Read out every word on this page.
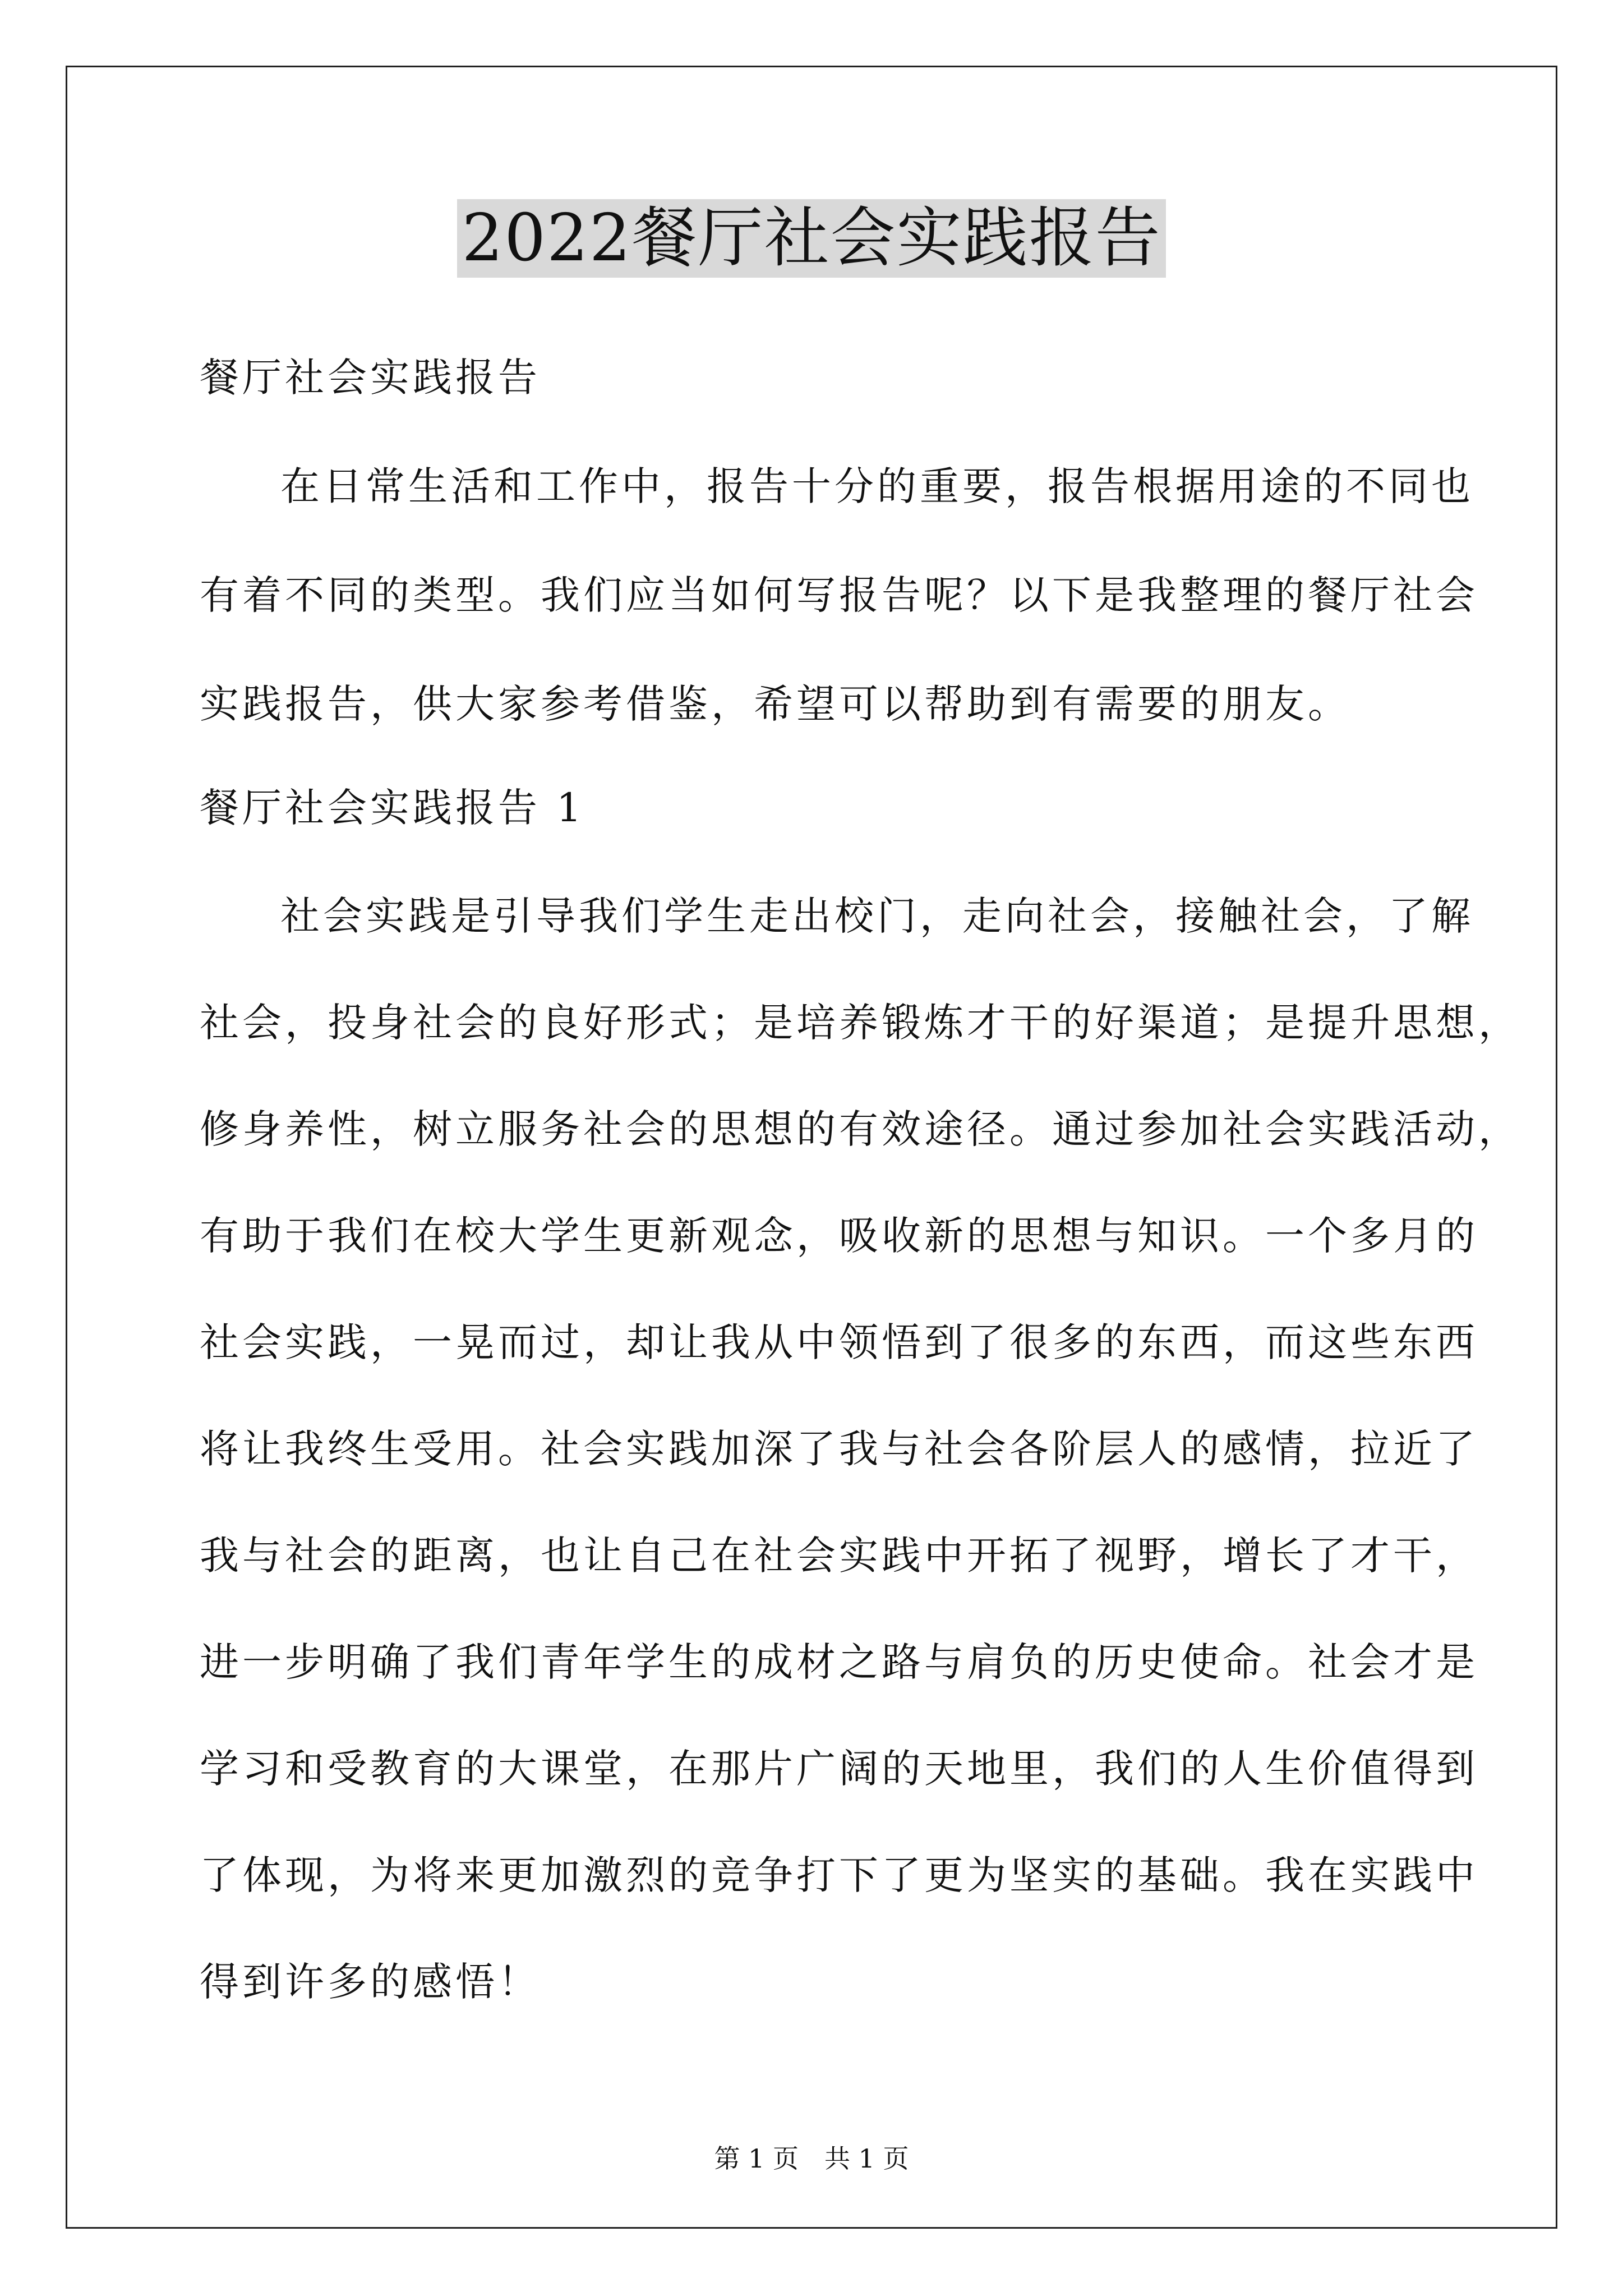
2022餐厅社会实践报告
餐厅社会实践报告
在日常生活和工作中，报告十分的重要，报告根据用途的不同也
有着不同的类型。我们应当如何写报告呢？以下是我整理的餐厅社会
实践报告，供大家参考借鉴，希望可以帮助到有需要的朋友。
餐厅社会实践报告 1
社会实践是引导我们学生走出校门，走向社会，接触社会，了解
社会，投身社会的良好形式；是培养锻炼才干的好渠道；是提升思想，
修身养性，树立服务社会的思想的有效途径。通过参加社会实践活动，
有助于我们在校大学生更新观念，吸收新的思想与知识。一个多月的
社会实践，一晃而过，却让我从中领悟到了很多的东西，而这些东西
将让我终生受用。社会实践加深了我与社会各阶层人的感情，拉近了
我与社会的距离，也让自己在社会实践中开拓了视野，增长了才干，
进一步明确了我们青年学生的成材之路与肩负的历史使命。社会才是
学习和受教育的大课堂，在那片广阔的天地里，我们的人生价值得到
了体现，为将来更加激烈的竞争打下了更为坚实的基础。我在实践中
得到许多的感悟！
第 1 页　共 1 页
